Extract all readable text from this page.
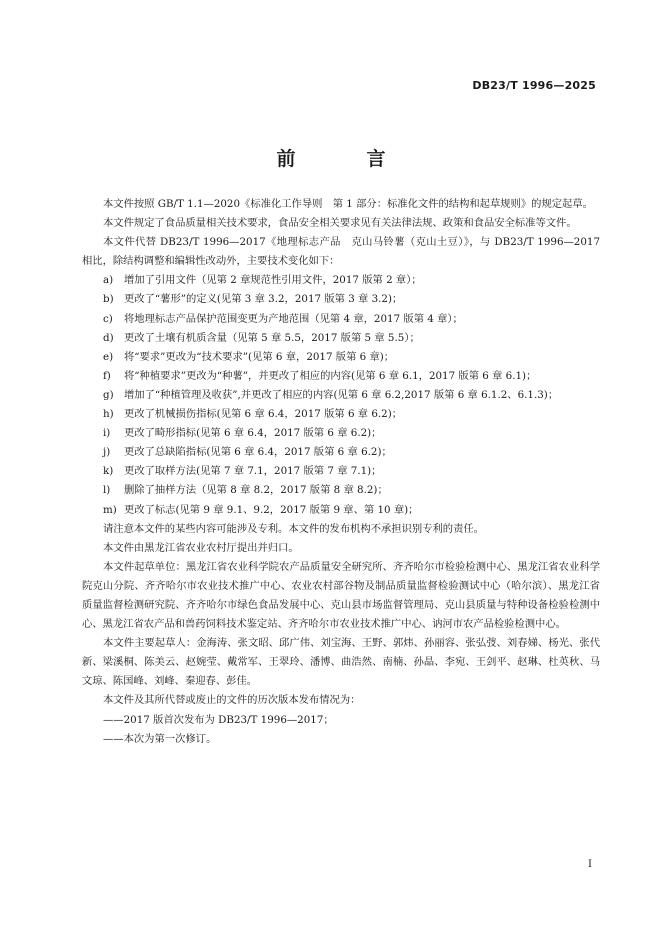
DB23/T 1996—2025
前　言

本文件按照 GB/T 1.1—2020《标准化工作导则　第 1 部分：标准化文件的结构和起草规则》的规定起草。

本文件规定了食品质量相关技术要求，食品安全相关要求见有关法律法规、政策和食品安全标准等文件。

本文件代替 DB23/T 1996—2017《地理标志产品　克山马铃薯（克山土豆）》，与 DB23/T 1996—2017 相比，除结构调整和编辑性改动外，主要技术变化如下：

a) 增加了引用文件（见第 2 章规范性引用文件，2017 版第 2 章）；

b) 更改了“薯形”的定义(见第 3 章 3.2，2017 版第 3 章 3.2)；

c) 将地理标志产品保护范围变更为产地范围（见第 4 章，2017 版第 4 章）；

d) 更改了土壤有机质含量（见第 5 章 5.5，2017 版第 5 章 5.5）；

e) 将“要求”更改为“技术要求”(见第 6 章，2017 版第 6 章)；

f) 将“种植要求”更改为“种薯”，并更改了相应的内容(见第 6 章 6.1，2017 版第 6 章 6.1)；

g) 增加了“种植管理及收获”,并更改了相应的内容(见第 6 章 6.2,2017 版第 6 章 6.1.2、6.1.3)；

h) 更改了机械损伤指标(见第 6 章 6.4，2017 版第 6 章 6.2)；

i) 更改了畸形指标(见第 6 章 6.4，2017 版第 6 章 6.2)；

j) 更改了总缺陷指标(见第 6 章 6.4，2017 版第 6 章 6.2)；

k) 更改了取样方法(见第 7 章 7.1，2017 版第 7 章 7.1)；

l) 删除了抽样方法（见第 8 章 8.2，2017 版第 8 章 8.2)；

m) 更改了标志(见第 9 章 9.1、9.2，2017 版第 9 章、第 10 章)；

请注意本文件的某些内容可能涉及专利。本文件的发布机构不承担识别专利的责任。

本文件由黑龙江省农业农村厅提出并归口。

本文件起草单位：黑龙江省农业科学院农产品质量安全研究所、齐齐哈尔市检验检测中心、黑龙江省农业科学院克山分院、齐齐哈尔市农业技术推广中心、农业农村部谷物及制品质量监督检验测试中心（哈尔滨）、黑龙江省质量监督检测研究院、齐齐哈尔市绿色食品发展中心、克山县市场监督管理局、克山县质量与特种设备检验检测中心、黑龙江省农产品和兽药饲料技术鉴定站、齐齐哈尔市农业技术推广中心、讷河市农产品检验检测中心。

本文件主要起草人：金海涛、张文昭、邱广伟、刘宝海、王野、郭炜、孙丽容、张弘弢、刘春娣、杨光、张代新、梁溪桐、陈美云、赵婉莹、戴常军、王翠玲、潘博、曲浩然、南楠、孙晶、李宛、王剑平、赵琳、杜英秋、马文琼、陈国峰、刘峰、秦迎春、彭佳。

本文件及其所代替或废止的文件的历次版本发布情况为：

——2017 版首次发布为 DB23/T 1996—2017；

——本次为第一次修订。

I
